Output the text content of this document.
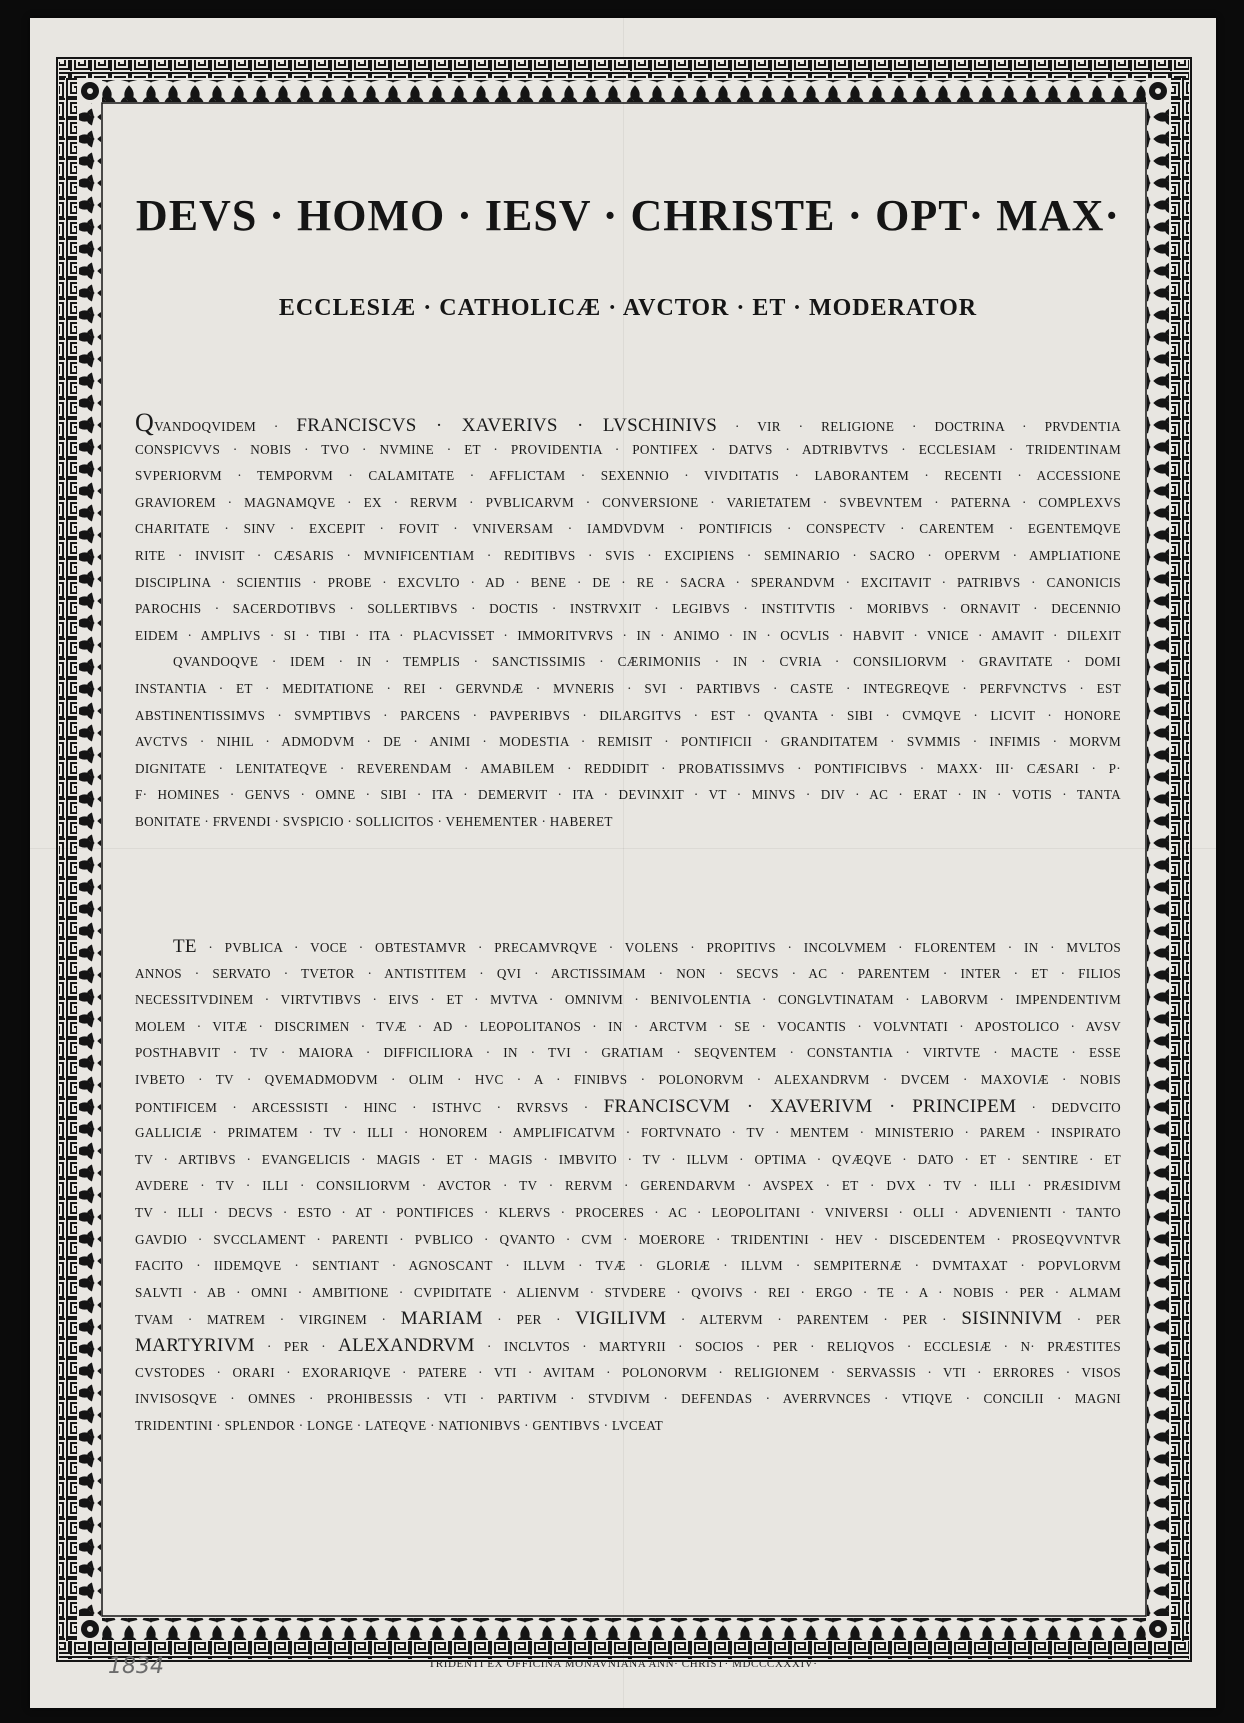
DEVS · HOMO · IESV · CHRISTE · OPT· MAX·
ECCLESIÆ · CATHOLICÆ · AVCTOR · ET · MODERATOR
QVANDOQVIDEM · FRANCISCVS · XAVERIVS · LVSCHINIVS · VIR · RELIGIONE · DOCTRINA · PRVDENTIA
CONSPICVVS · NOBIS · TVO · NVMINE · ET · PROVIDENTIA · PONTIFEX · DATVS · ADTRIBVTVS · ECCLESIAM · TRIDENTINAM
SVPERIORVM · TEMPORVM · CALAMITATE · AFFLICTAM · SEXENNIO · VIVDITATIS · LABORANTEM · RECENTI · ACCESSIONE
GRAVIOREM · MAGNAMQVE · EX · RERVM · PVBLICARVM · CONVERSIONE · VARIETATEM · SVBEVNTEM · PATERNA · COMPLEXVS
CHARITATE · SINV · EXCEPIT · FOVIT · VNIVERSAM · IAMDVDVM · PONTIFICIS · CONSPECTV · CARENTEM · EGENTEMQVE
RITE · INVISIT · CÆSARIS · MVNIFICENTIAM · REDITIBVS · SVIS · EXCIPIENS · SEMINARIO · SACRO · OPERVM · AMPLIATIONE
DISCIPLINA · SCIENTIIS · PROBE · EXCVLTO · AD · BENE · DE · RE · SACRA · SPERANDVM · EXCITAVIT · PATRIBVS · CANONICIS
PAROCHIS · SACERDOTIBVS · SOLLERTIBVS · DOCTIS · INSTRVXIT · LEGIBVS · INSTITVTIS · MORIBVS · ORNAVIT · DECENNIO
EIDEM · AMPLIVS · SI · TIBI · ITA · PLACVISSET · IMMORITVRVS · IN · ANIMO · IN · OCVLIS · HABVIT · VNICE · AMAVIT · DILEXIT
QVANDOQVE · IDEM · IN · TEMPLIS · SANCTISSIMIS · CÆRIMONIIS · IN · CVRIA · CONSILIORVM · GRAVITATE · DOMI
INSTANTIA · ET · MEDITATIONE · REI · GERVNDÆ · MVNERIS · SVI · PARTIBVS · CASTE · INTEGREQVE · PERFVNCTVS · EST
ABSTINENTISSIMVS · SVMPTIBVS · PARCENS · PAVPERIBVS · DILARGITVS · EST · QVANTA · SIBI · CVMQVE · LICVIT · HONORE
AVCTVS · NIHIL · ADMODVM · DE · ANIMI · MODESTIA · REMISIT · PONTIFICII · GRANDITATEM · SVMMIS · INFIMIS · MORVM
DIGNITATE · LENITATEQVE · REVERENDAM · AMABILEM · REDDIDIT · PROBATISSIMVS · PONTIFICIBVS · MAXX· III· CÆSARI · P·
F· HOMINES · GENVS · OMNE · SIBI · ITA · DEMERVIT · ITA · DEVINXIT · VT · MINVS · DIV · AC · ERAT · IN · VOTIS · TANTA
BONITATE · FRVENDI · SVSPICIO · SOLLICITOS · VEHEMENTER · HABERET
TE · PVBLICA · VOCE · OBTESTAMVR · PRECAMVRQVE · VOLENS · PROPITIVS · INCOLVMEM · FLORENTEM · IN · MVLTOS
ANNOS · SERVATO · TVETOR · ANTISTITEM · QVI · ARCTISSIMAM · NON · SECVS · AC · PARENTEM · INTER · ET · FILIOS
NECESSITVDINEM · VIRTVTIBVS · EIVS · ET · MVTVA · OMNIVM · BENIVOLENTIA · CONGLVTINATAM · LABORVM · IMPENDENTIVM
MOLEM · VITÆ · DISCRIMEN · TVÆ · AD · LEOPOLITANOS · IN · ARCTVM · SE · VOCANTIS · VOLVNTATI · APOSTOLICO · AVSV
POSTHABVIT · TV · MAIORA · DIFFICILIORA · IN · TVI · GRATIAM · SEQVENTEM · CONSTANTIA · VIRTVTE · MACTE · ESSE
IVBETO · TV · QVEMADMODVM · OLIM · HVC · A · FINIBVS · POLONORVM · ALEXANDRVM · DVCEM · MAXOVIÆ · NOBIS
PONTIFICEM · ARCESSISTI · HINC · ISTHVC · RVRSVS · FRANCISCVM · XAVERIVM · PRINCIPEM · DEDVCITO
GALLICIÆ · PRIMATEM · TV · ILLI · HONOREM · AMPLIFICATVM · FORTVNATO · TV · MENTEM · MINISTERIO · PAREM · INSPIRATO
TV · ARTIBVS · EVANGELICIS · MAGIS · ET · MAGIS · IMBVITO · TV · ILLVM · OPTIMA · QVÆQVE · DATO · ET · SENTIRE · ET
AVDERE · TV · ILLI · CONSILIORVM · AVCTOR · TV · RERVM · GERENDARVM · AVSPEX · ET · DVX · TV · ILLI · PRÆSIDIVM
TV · ILLI · DECVS · ESTO · AT · PONTIFICES · KLERVS · PROCERES · AC · LEOPOLITANI · VNIVERSI · OLLI · ADVENIENTI · TANTO
GAVDIO · SVCCLAMENT · PARENTI · PVBLICO · QVANTO · CVM · MOERORE · TRIDENTINI · HEV · DISCEDENTEM · PROSEQVVNTVR
FACITO · IIDEMQVE · SENTIANT · AGNOSCANT · ILLVM · TVÆ · GLORIÆ · ILLVM · SEMPITERNÆ · DVMTAXAT · POPVLORVM
SALVTI · AB · OMNI · AMBITIONE · CVPIDITATE · ALIENVM · STVDERE · QVOIVS · REI · ERGO · TE · A · NOBIS · PER · ALMAM
TVAM · MATREM · VIRGINEM · MARIAM · PER · VIGILIVM · ALTERVM · PARENTEM · PER · SISINNIVM · PER
MARTYRIVM · PER · ALEXANDRVM · INCLVTOS · MARTYRII · SOCIOS · PER · RELIQVOS · ECCLESIÆ · N· PRÆSTITES
CVSTODES · ORARI · EXORARIQVE · PATERE · VTI · AVITAM · POLONORVM · RELIGIONEM · SERVASSIS · VTI · ERRORES · VISOS
INVISOSQVE · OMNES · PROHIBESSIS · VTI · PARTIVM · STVDIVM · DEFENDAS · AVERRVNCES · VTIQVE · CONCILII · MAGNI
TRIDENTINI · SPLENDOR · LONGE · LATEQVE · NATIONIBVS · GENTIBVS · LVCEAT
TRIDENTI EX OFFICINA MONAVNIANA ANN· CHRIST· MDCCCXXXIV·
1834
